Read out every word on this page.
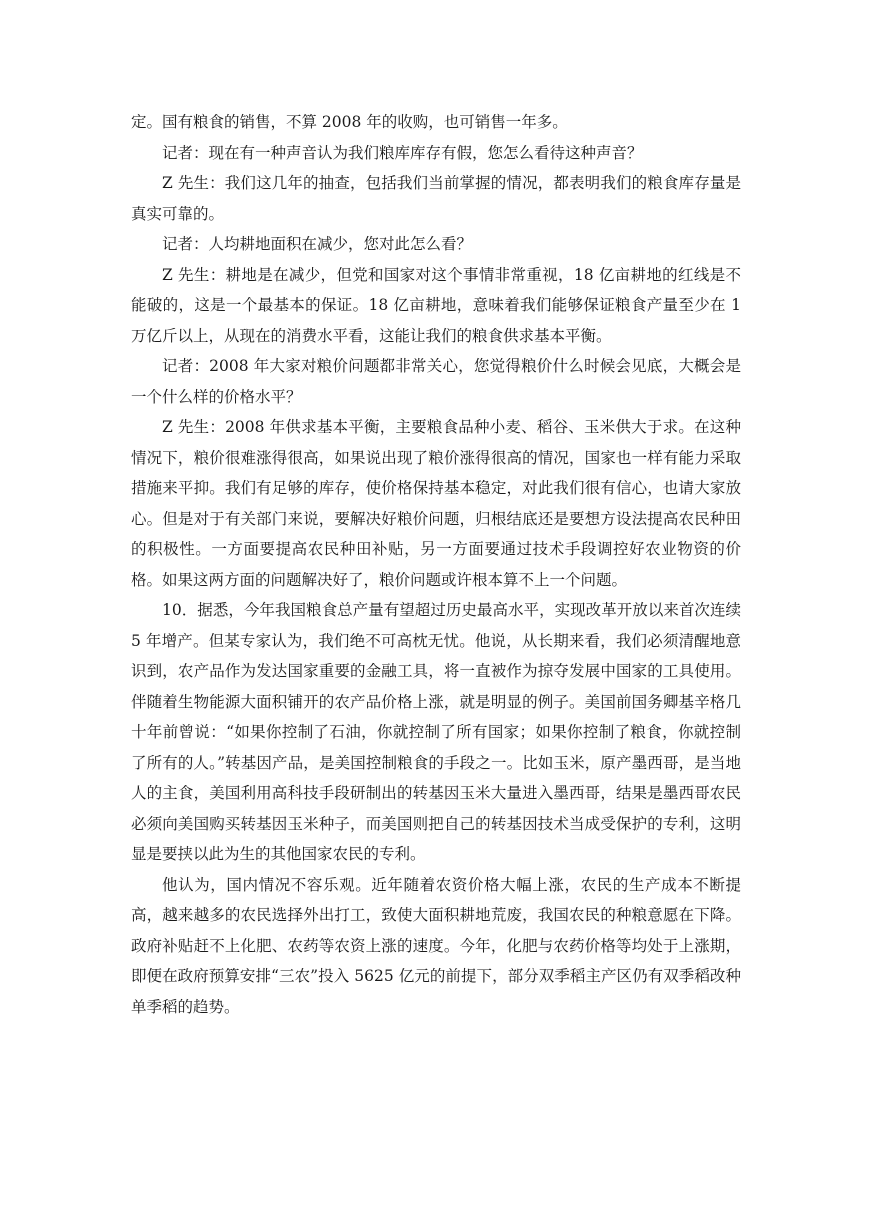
定。国有粮食的销售，不算 2008 年的收购，也可销售一年多。

记者：现在有一种声音认为我们粮库库存有假，您怎么看待这种声音？

Z 先生：我们这几年的抽查，包括我们当前掌握的情况，都表明我们的粮食库存量是真实可靠的。

记者：人均耕地面积在减少，您对此怎么看？

Z 先生：耕地是在减少，但党和国家对这个事情非常重视，18 亿亩耕地的红线是不能破的，这是一个最基本的保证。18 亿亩耕地，意味着我们能够保证粮食产量至少在 1 万亿斤以上，从现在的消费水平看，这能让我们的粮食供求基本平衡。

记者：2008 年大家对粮价问题都非常关心，您觉得粮价什么时候会见底，大概会是一个什么样的价格水平？

Z 先生：2008 年供求基本平衡，主要粮食品种小麦、稻谷、玉米供大于求。在这种情况下，粮价很难涨得很高，如果说出现了粮价涨得很高的情况，国家也一样有能力采取措施来平抑。我们有足够的库存，使价格保持基本稳定，对此我们很有信心，也请大家放心。但是对于有关部门来说，要解决好粮价问题，归根结底还是要想方设法提高农民种田的积极性。一方面要提高农民种田补贴，另一方面要通过技术手段调控好农业物资的价格。如果这两方面的问题解决好了，粮价问题或许根本算不上一个问题。

10．据悉，今年我国粮食总产量有望超过历史最高水平，实现改革开放以来首次连续 5 年增产。但某专家认为，我们绝不可高枕无忧。他说，从长期来看，我们必须清醒地意识到，农产品作为发达国家重要的金融工具，将一直被作为掠夺发展中国家的工具使用。伴随着生物能源大面积铺开的农产品价格上涨，就是明显的例子。美国前国务卿基辛格几十年前曾说：“如果你控制了石油，你就控制了所有国家；如果你控制了粮食，你就控制了所有的人。”转基因产品，是美国控制粮食的手段之一。比如玉米，原产墨西哥，是当地人的主食，美国利用高科技手段研制出的转基因玉米大量进入墨西哥，结果是墨西哥农民必须向美国购买转基因玉米种子，而美国则把自己的转基因技术当成受保护的专利，这明显是要挟以此为生的其他国家农民的专利。

他认为，国内情况不容乐观。近年随着农资价格大幅上涨，农民的生产成本不断提高，越来越多的农民选择外出打工，致使大面积耕地荒废，我国农民的种粮意愿在下降。政府补贴赶不上化肥、农药等农资上涨的速度。今年，化肥与农药价格等均处于上涨期，即便在政府预算安排“三农”投入 5625 亿元的前提下，部分双季稻主产区仍有双季稻改种单季稻的趋势。
